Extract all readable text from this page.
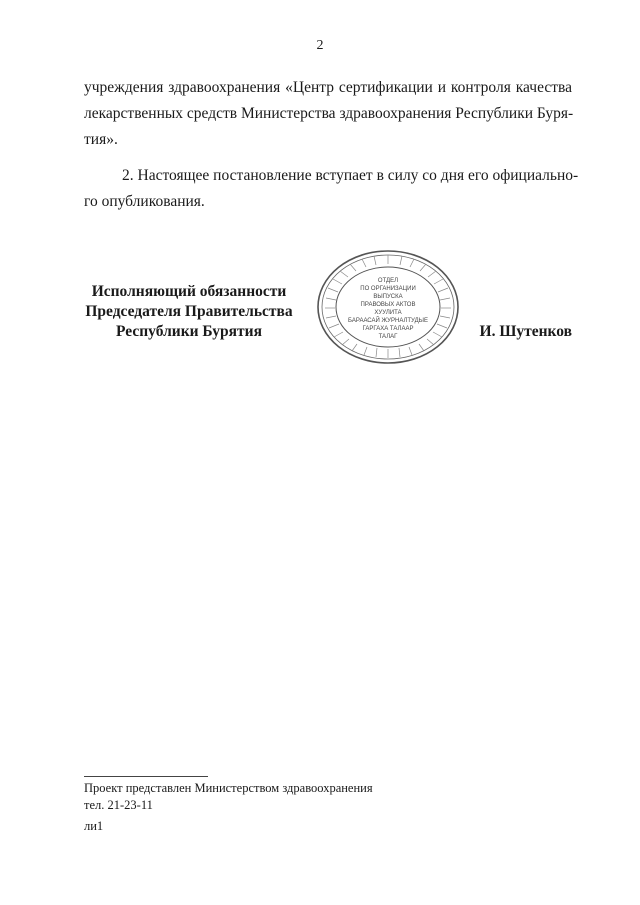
2
учреждения здравоохранения «Центр сертификации и контроля качества
лекарственных средств Министерства здравоохранения Республики Буря-
тия».
2. Настоящее постановление вступает в силу со дня его официально-
го опубликования.
Исполняющий обязанности
Председателя Правительства
Республики Бурятия
ОТДЕЛ
ПО ОРГАНИЗАЦИИ
ВЫПУСКА
ПРАВОВЫХ АКТОВ
ХУУЛИТА
БАРААСАЙ ЖУРНАЛТУДЫЕ
ГАРГАХА ТАЛААР
ТАЛАГ	И. Шутенков
Проект представлен Министерством здравоохранения
тел. 21-23-11
ли1
